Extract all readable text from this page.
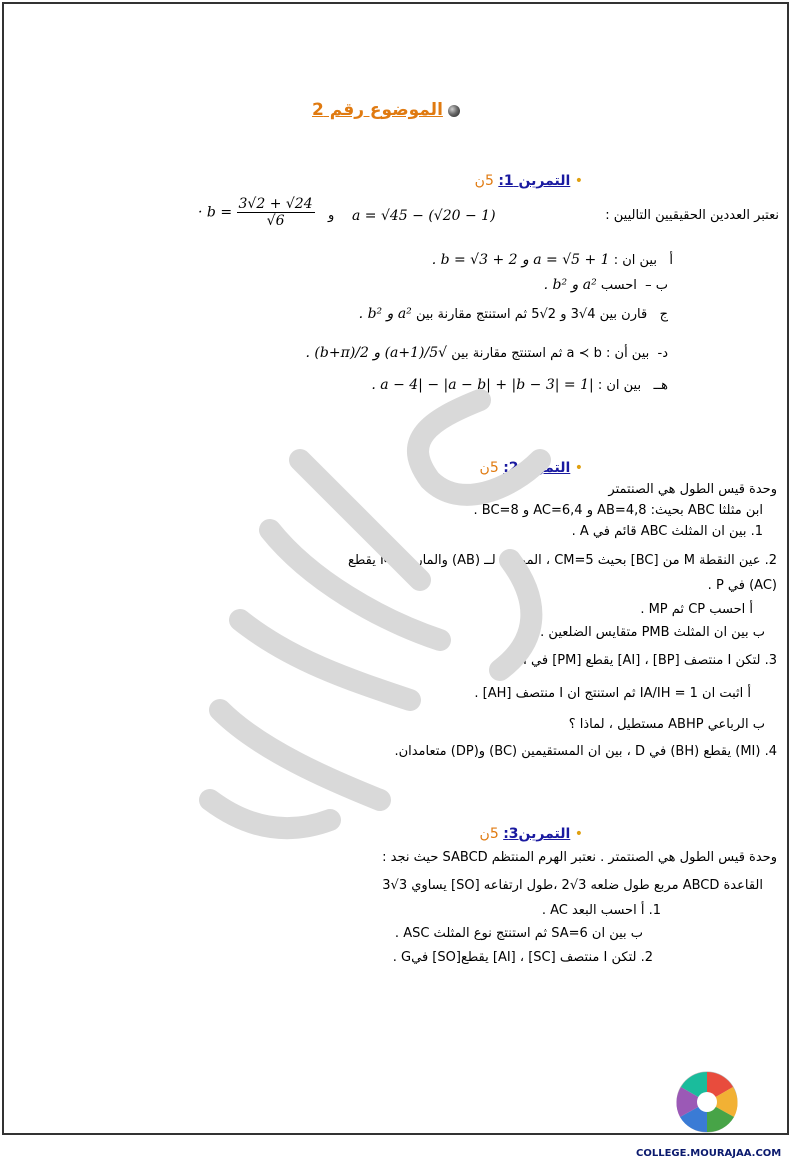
الموضوع رقم 2
• التمرين 1: 5ن
نعتبر العددين الحقيقيين التاليين :
a = √45 − (√20 − 1)
و
· $b = \frac{3√2 + √24}{√6}$
أ   بين ان : a = √5 + 1 و b = √3 + 2 .
ب –  احسب a² و b² .
ج   قارن بين 4√3 و 2√5 ثم استنتج مقارنة بين a² و b² .
د-  بين أن : a ≺ b ثم استنتج مقارنة بين √5/(a+1) و 2/(b+π) .
هــ   بين ان : |a − 4| − |a − b| + |b − 3| = 1 .
• التمرين2: 5ن
وحدة قيس الطول هي الصنتمتر
ابن مثلثا ABC بحيث: AB=4,8 و AC=6,4 و BC=8 .
1. بين ان المثلث ABC قائم في A .
2. عين النقطة M من [BC] بحيث CM=5 ، الموازي لــ (AB) والمار من M يقطع
(AC) في P .
أ احسب CP ثم MP .
ب بين ان المثلث PMB متقايس الضلعين .
3. لتكن I منتصف [BP] ، [AI] يقطع [PM] في H .
أ اثبت ان IA/IH = 1 ثم استنتج ان I منتصف [AH] .
ب الرباعي ABHP مستطيل ، لماذا ؟
4. (MI) يقطع (BH) في D ، بين ان المستقيمين (BC) و(DP) متعامدان.
• التمرين3: 5ن
وحدة قيس الطول هي الصنتمتر . نعتبر الهرم المنتظم SABCD حيث نجد :
القاعدة ABCD مربع طول ضلعه 3√2 ،طول ارتفاعه [SO] يساوي 3√3
1. أ احسب البعد AC .
ب بين ان SA=6 ثم استنتج نوع المثلث ASC .
2. لتكن I منتصف [SC] ، [AI] يقطع[SO] فيG .
COLLEGE.MOURAJAA.COM
